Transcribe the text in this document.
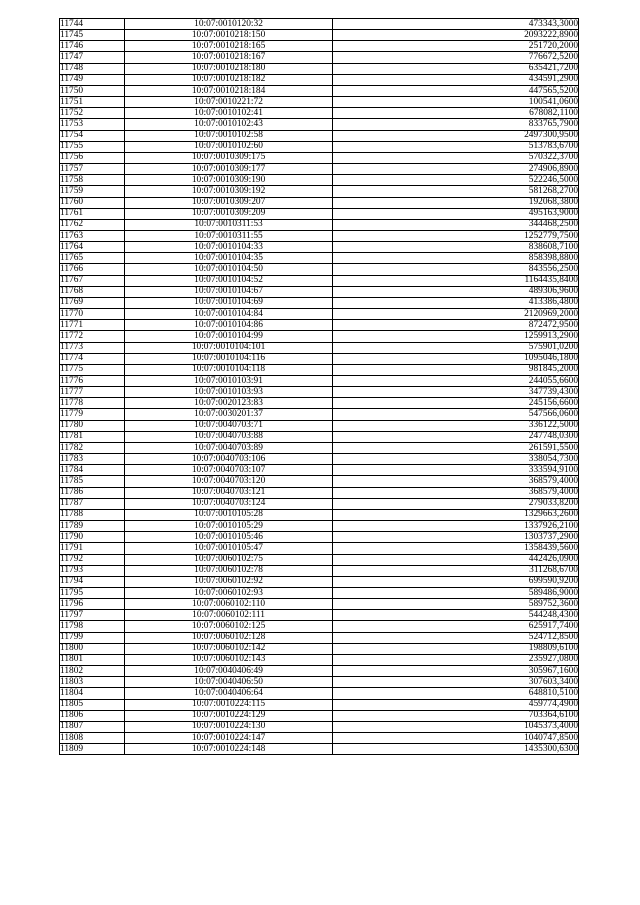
11744	10:07:0010120:32	473343,3000
11745	10:07:0010218:150	2093222,8900
11746	10:07:0010218:165	251720,2000
11747	10:07:0010218:167	776672,5200
11748	10:07:0010218:180	635421,7200
11749	10:07:0010218:182	434591,2900
11750	10:07:0010218:184	447565,5200
11751	10:07:0010221:72	100541,0600
11752	10:07:0010102:41	678082,1100
11753	10:07:0010102:43	833765,7900
11754	10:07:0010102:58	2497300,9500
11755	10:07:0010102:60	513783,6700
11756	10:07:0010309:175	570322,3700
11757	10:07:0010309:177	274906,8900
11758	10:07:0010309:190	522246,5000
11759	10:07:0010309:192	581268,2700
11760	10:07:0010309:207	192068,3800
11761	10:07:0010309:209	495163,9000
11762	10:07:0010311:53	344468,2500
11763	10:07:0010311:55	1252779,7500
11764	10:07:0010104:33	838608,7100
11765	10:07:0010104:35	858398,8800
11766	10:07:0010104:50	843556,2500
11767	10:07:0010104:52	1164435,8400
11768	10:07:0010104:67	489306,9600
11769	10:07:0010104:69	413386,4800
11770	10:07:0010104:84	2120969,2000
11771	10:07:0010104:86	872472,9500
11772	10:07:0010104:99	1259913,2900
11773	10:07:0010104:101	575901,0200
11774	10:07:0010104:116	1095046,1800
11775	10:07:0010104:118	981845,2000
11776	10:07:0010103:91	244055,6600
11777	10:07:0010103:93	347739,4300
11778	10:07:0020123:83	245156,6600
11779	10:07:0030201:37	547566,0600
11780	10:07:0040703:71	336122,5000
11781	10:07:0040703:88	247748,0300
11782	10:07:0040703:89	261591,5500
11783	10:07:0040703:106	338054,7300
11784	10:07:0040703:107	333594,9100
11785	10:07:0040703:120	368579,4000
11786	10:07:0040703:121	368579,4000
11787	10:07:0040703:124	279033,8200
11788	10:07:0010105:28	1329663,2600
11789	10:07:0010105:29	1337926,2100
11790	10:07:0010105:46	1303737,2900
11791	10:07:0010105:47	1358439,5600
11792	10:07:0060102:75	442426,0900
11793	10:07:0060102:78	311268,6700
11794	10:07:0060102:92	699590,9200
11795	10:07:0060102:93	589486,9000
11796	10:07:0060102:110	589752,3600
11797	10:07:0060102:111	544248,4300
11798	10:07:0060102:125	625917,7400
11799	10:07:0060102:128	524712,8500
11800	10:07:0060102:142	198809,6100
11801	10:07:0060102:143	235927,0800
11802	10:07:0040406:49	305967,1600
11803	10:07:0040406:50	307603,3400
11804	10:07:0040406:64	648810,5100
11805	10:07:0010224:115	459774,4900
11806	10:07:0010224:129	703364,6100
11807	10:07:0010224:130	1045373,4000
11808	10:07:0010224:147	1040747,8500
11809	10:07:0010224:148	1435300,6300
